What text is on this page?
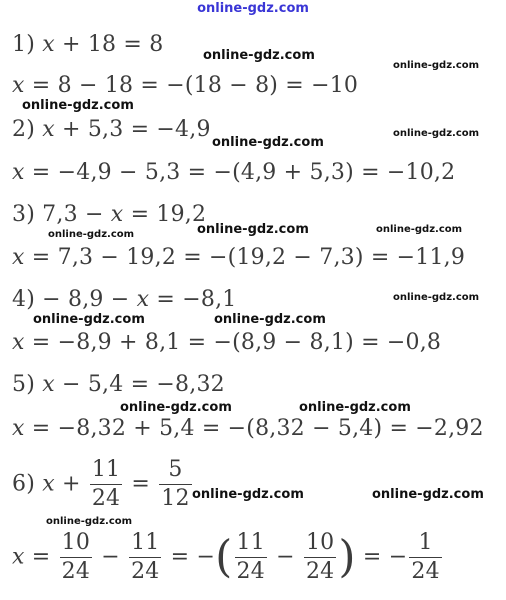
online-gdz.com
1) x + 18 = 8
x = 8 − 18 = −(18 − 8) = −10
2) x + 5,3 = −4,9
x = −4,9 − 5,3 = −(4,9 + 5,3) = −10,2
3) 7,3 − x = 19,2
x = 7,3 − 19,2 = −(19,2 − 7,3) = −11,9
4) − 8,9 − x = −8,1
x = −8,9 + 8,1 = −(8,9 − 8,1) = −0,8
5) x − 5,4 = −8,32
x = −8,32 + 5,4 = −(8,32 − 5,4) = −2,92
6) $x + \frac{11}{24} = \frac{5}{12}$
$x = \frac{10}{24} - \frac{11}{24}$ = −( $\frac{11}{24} - \frac{10}{24}$ ) = − $\frac{1}{24}$
online-gdz.com
online-gdz.com
online-gdz.com
online-gdz.com
online-gdz.com
online-gdz.com	online-gdz.com	online-gdz.com
online-gdz.com
online-gdz.com	online-gdz.com
online-gdz.com	online-gdz.com
online-gdz.com	online-gdz.com
online-gdz.com
